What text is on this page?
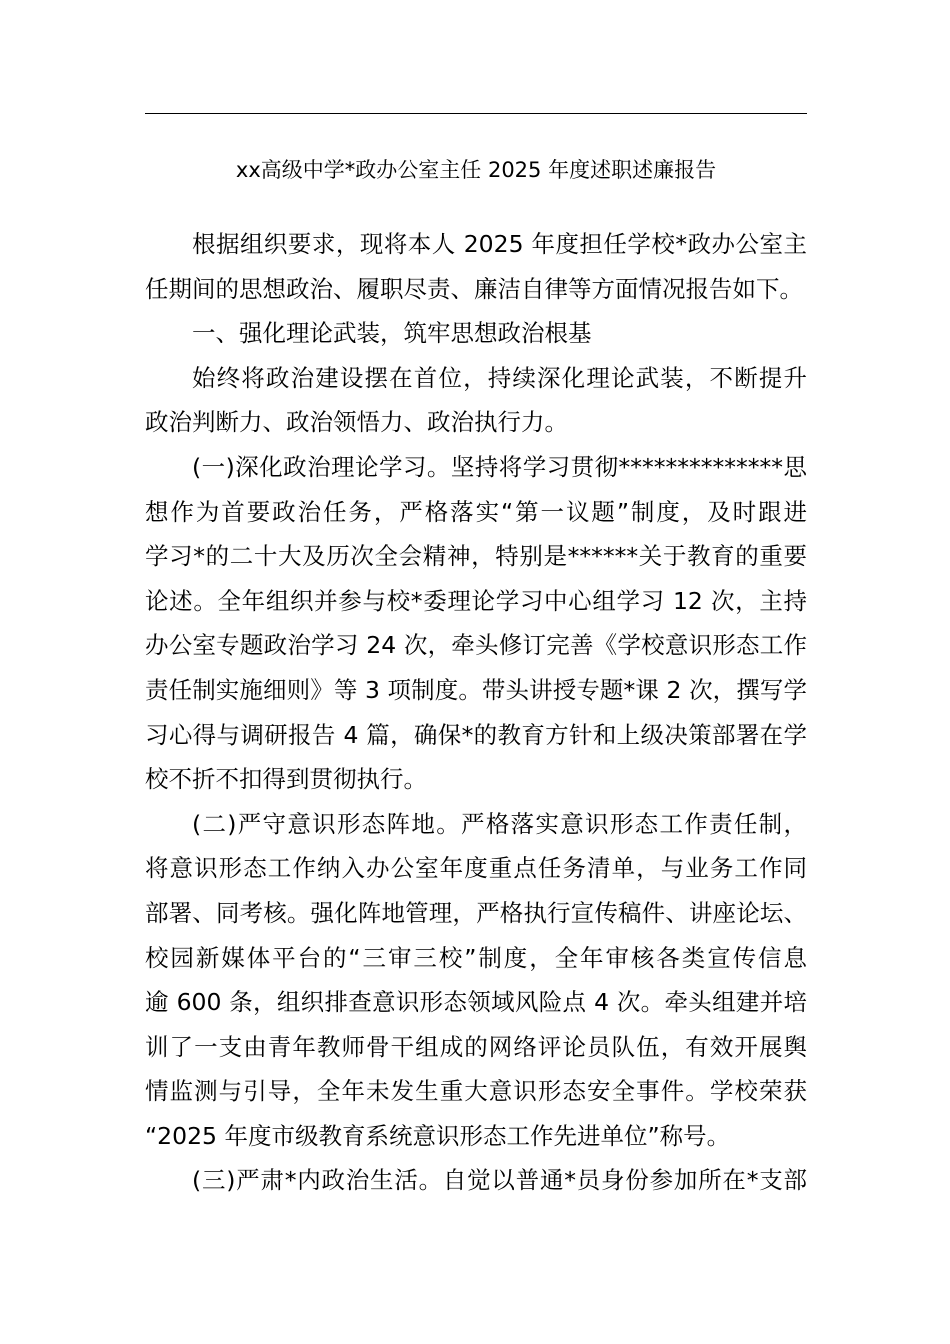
xx高级中学*政办公室主任 2025 年度述职述廉报告

根据组织要求，现将本人 2025 年度担任学校*政办公室主
任期间的思想政治、履职尽责、廉洁自律等方面情况报告如下。

一、强化理论武装，筑牢思想政治根基

始终将政治建设摆在首位，持续深化理论武装，不断提升
政治判断力、政治领悟力、政治执行力。

(一)深化政治理论学习。坚持将学习贯彻**************思
想作为首要政治任务，严格落实“第一议题”制度，及时跟进
学习*的二十大及历次全会精神，特别是******关于教育的重要
论述。全年组织并参与校*委理论学习中心组学习 12 次，主持
办公室专题政治学习 24 次，牵头修订完善《学校意识形态工作
责任制实施细则》等 3 项制度。带头讲授专题*课 2 次，撰写学
习心得与调研报告 4 篇，确保*的教育方针和上级决策部署在学
校不折不扣得到贯彻执行。

(二)严守意识形态阵地。严格落实意识形态工作责任制，
将意识形态工作纳入办公室年度重点任务清单，与业务工作同
部署、同考核。强化阵地管理，严格执行宣传稿件、讲座论坛、
校园新媒体平台的“三审三校”制度，全年审核各类宣传信息
逾 600 条，组织排查意识形态领域风险点 4 次。牵头组建并培
训了一支由青年教师骨干组成的网络评论员队伍，有效开展舆
情监测与引导，全年未发生重大意识形态安全事件。学校荣获
“2025 年度市级教育系统意识形态工作先进单位”称号。

(三)严肃*内政治生活。自觉以普通*员身份参加所在*支部
